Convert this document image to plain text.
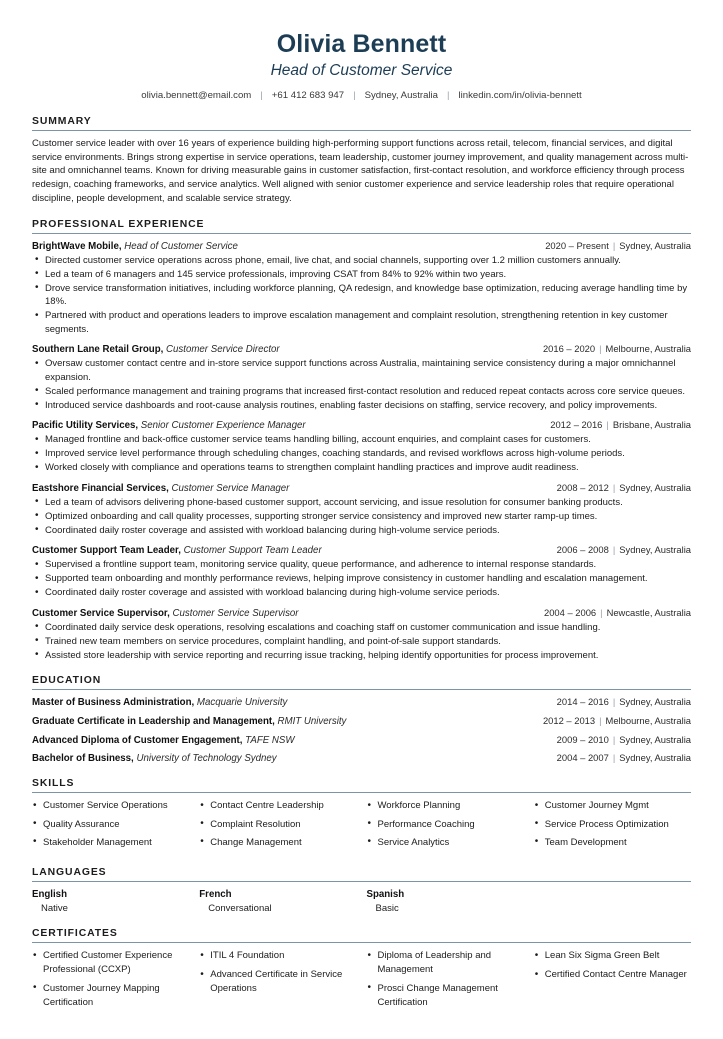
Olivia Bennett
Head of Customer Service
olivia.bennett@email.com | +61 412 683 947 | Sydney, Australia | linkedin.com/in/olivia-bennett
SUMMARY
Customer service leader with over 16 years of experience building high-performing support functions across retail, telecom, financial services, and digital service environments. Brings strong expertise in service operations, team leadership, customer journey improvement, and quality management across multi-site and omnichannel teams. Known for driving measurable gains in customer satisfaction, first-contact resolution, and workforce efficiency through process redesign, coaching frameworks, and service analytics. Well aligned with senior customer experience and service leadership roles that require operational discipline, people development, and scalable service strategy.
PROFESSIONAL EXPERIENCE
BrightWave Mobile, Head of Customer Service	2020 – Present | Sydney, Australia
• Directed customer service operations across phone, email, live chat, and social channels, supporting over 1.2 million customers annually.
• Led a team of 6 managers and 145 service professionals, improving CSAT from 84% to 92% within two years.
• Drove service transformation initiatives, including workforce planning, QA redesign, and knowledge base optimization, reducing average handling time by 18%.
• Partnered with product and operations leaders to improve escalation management and complaint resolution, strengthening retention in key customer segments.
Southern Lane Retail Group, Customer Service Director	2016 – 2020 | Melbourne, Australia
• Oversaw customer contact centre and in-store service support functions across Australia, maintaining service consistency during a major omnichannel expansion.
• Scaled performance management and training programs that increased first-contact resolution and reduced repeat contacts across core service queues.
• Introduced service dashboards and root-cause analysis routines, enabling faster decisions on staffing, service recovery, and policy improvements.
Pacific Utility Services, Senior Customer Experience Manager	2012 – 2016 | Brisbane, Australia
• Managed frontline and back-office customer service teams handling billing, account enquiries, and complaint cases for customers.
• Improved service level performance through scheduling changes, coaching standards, and revised workflows across high-volume periods.
• Worked closely with compliance and operations teams to strengthen complaint handling practices and improve audit readiness.
Eastshore Financial Services, Customer Service Manager	2008 – 2012 | Sydney, Australia
• Led a team of advisors delivering phone-based customer support, account servicing, and issue resolution for consumer banking products.
• Optimized onboarding and call quality processes, supporting stronger service consistency and improved new starter ramp-up times.
• Coordinated daily roster coverage and assisted with workload balancing during high-volume service periods.
Customer Support Team Leader, Customer Support Team Leader	2006 – 2008 | Sydney, Australia
• Supervised a frontline support team, monitoring service quality, queue performance, and adherence to internal response standards.
• Supported team onboarding and monthly performance reviews, helping improve consistency in customer handling and escalation management.
• Coordinated daily roster coverage and assisted with workload balancing during high-volume service periods.
Customer Service Supervisor, Customer Service Supervisor	2004 – 2006 | Newcastle, Australia
• Coordinated daily service desk operations, resolving escalations and coaching staff on customer communication and issue handling.
• Trained new team members on service procedures, complaint handling, and point-of-sale support standards.
• Assisted store leadership with service reporting and recurring issue tracking, helping identify opportunities for process improvement.
EDUCATION
Master of Business Administration, Macquarie University	2014 – 2016 | Sydney, Australia
Graduate Certificate in Leadership and Management, RMIT University	2012 – 2013 | Melbourne, Australia
Advanced Diploma of Customer Engagement, TAFE NSW	2009 – 2010 | Sydney, Australia
Bachelor of Business, University of Technology Sydney	2004 – 2007 | Sydney, Australia
SKILLS
• Customer Service Operations
• Quality Assurance
• Stakeholder Management
• Contact Centre Leadership
• Complaint Resolution
• Change Management
• Workforce Planning
• Performance Coaching
• Service Analytics
• Customer Journey Mgmt
• Service Process Optimization
• Team Development
LANGUAGES
English
Native
French
Conversational
Spanish
Basic
CERTIFICATES
• Certified Customer Experience Professional (CCXP)
• Customer Journey Mapping Certification
• ITIL 4 Foundation
• Advanced Certificate in Service Operations
• Diploma of Leadership and Management
• Prosci Change Management Certification
• Lean Six Sigma Green Belt
• Certified Contact Centre Manager
